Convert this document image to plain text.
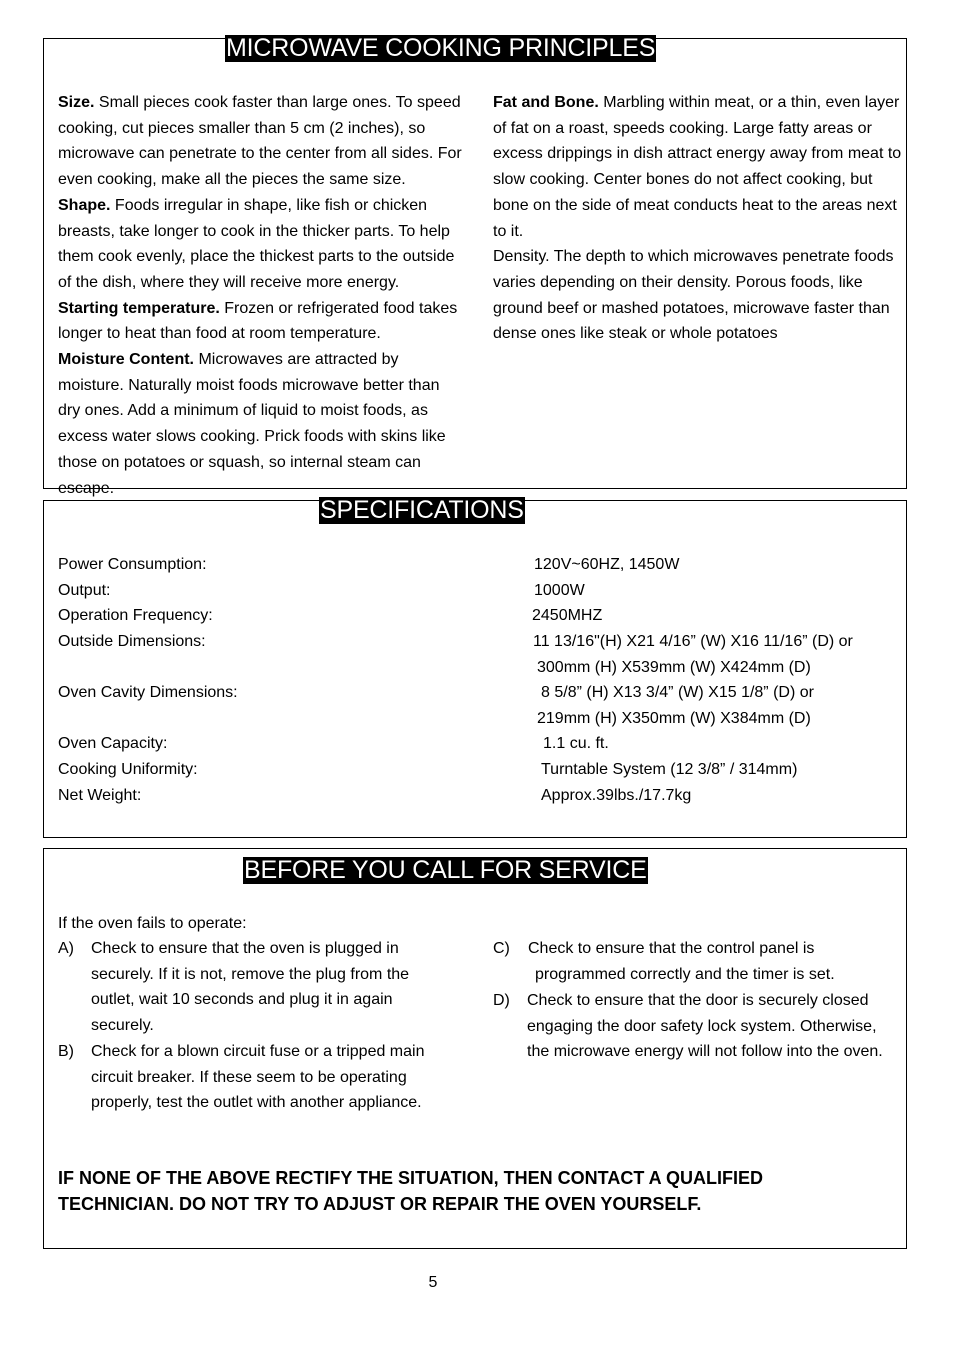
MICROWAVE COOKING PRINCIPLES
Size. Small pieces cook faster than large ones. To speed cooking, cut pieces smaller than 5 cm (2 inches), so microwave can penetrate to the center from all sides. For even cooking, make all the pieces the same size.
Shape. Foods irregular in shape, like fish or chicken breasts, take longer to cook in the thicker parts. To help them cook evenly, place the thickest parts to the outside of the dish, where they will receive more energy.
Starting temperature. Frozen or refrigerated food takes longer to heat than food at room temperature.
Moisture Content. Microwaves are attracted by moisture. Naturally moist foods microwave better than dry ones. Add a minimum of liquid to moist foods, as excess water slows cooking. Prick foods with skins like those on potatoes or squash, so internal steam can escape.
Fat and Bone. Marbling within meat, or a thin, even layer of fat on a roast, speeds cooking. Large fatty areas or excess drippings in dish attract energy away from meat to slow cooking. Center bones do not affect cooking, but bone on the side of meat conducts heat to the areas next to it.
Density. The depth to which microwaves penetrate foods varies depending on their density. Porous foods, like ground beef or mashed potatoes, microwave faster than dense ones like steak or whole potatoes
SPECIFICATIONS
Power Consumption:	120V~60HZ, 1450W
Output:	1000W
Operation Frequency:	2450MHZ
Outside Dimensions:	11 13/16"(H) X21 4/16” (W) X16 11/16” (D) or
300mm (H) X539mm (W) X424mm (D)
Oven Cavity Dimensions:	8 5/8” (H) X13 3/4” (W) X15 1/8” (D) or
219mm (H) X350mm (W) X384mm (D)
Oven Capacity:	1.1 cu. ft.
Cooking Uniformity:	Turntable System (12 3/8” / 314mm)
Net Weight:	Approx.39lbs./17.7kg
BEFORE YOU CALL FOR SERVICE
If the oven fails to operate:
A) Check to ensure that the oven is plugged in securely. If it is not, remove the plug from the outlet, wait 10 seconds and plug it in again securely.
B) Check for a blown circuit fuse or a tripped main circuit breaker. If these seem to be operating properly, test the outlet with another appliance.
C) Check to ensure that the control panel is
programmed correctly and the timer is set.
D) Check to ensure that the door is securely closed engaging the door safety lock system. Otherwise, the microwave energy will not follow into the oven.
IF NONE OF THE ABOVE RECTIFY THE SITUATION, THEN CONTACT A QUALIFIED TECHNICIAN. DO NOT TRY TO ADJUST OR REPAIR THE OVEN YOURSELF.
5
